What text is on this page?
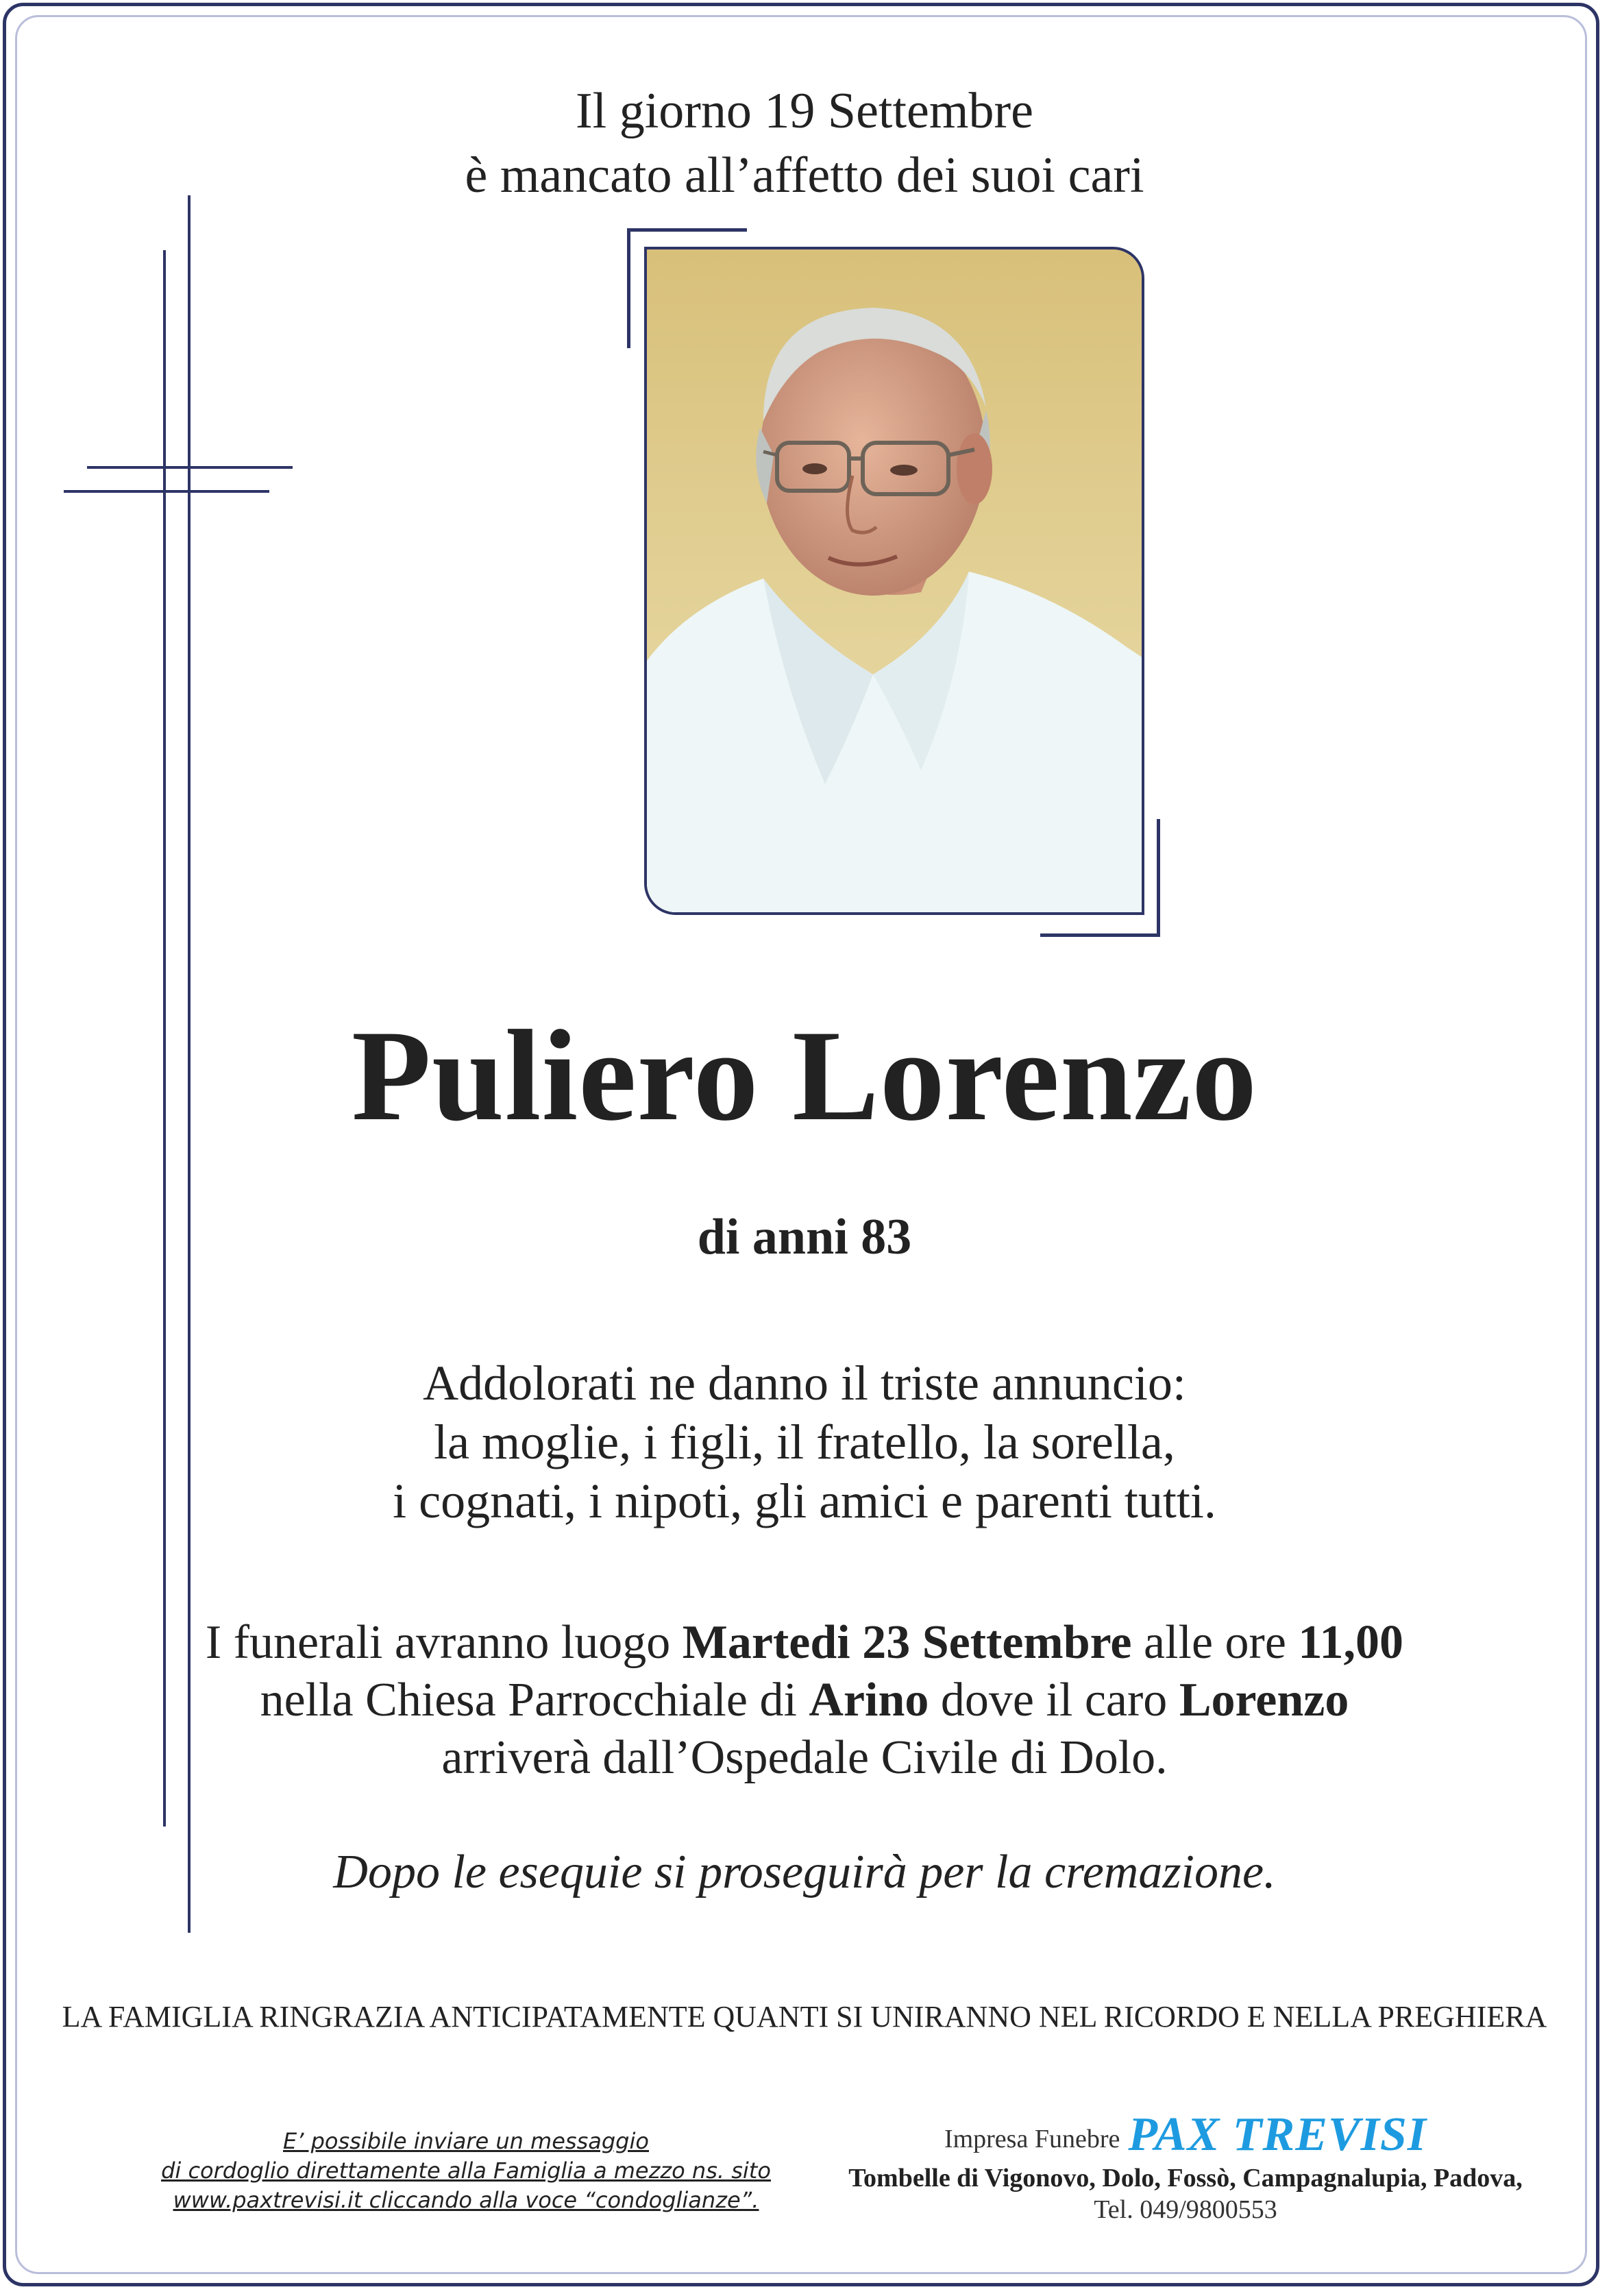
Il giorno 19 Settembre
è mancato all’affetto dei suoi cari
Puliero Lorenzo
di anni 83
Addolorati ne danno il triste annuncio:
la moglie, i figli, il fratello, la sorella,
i cognati, i nipoti, gli amici e parenti tutti.
I funerali avranno luogo Martedi 23 Settembre alle ore 11,00
nella Chiesa Parrocchiale di Arino dove il caro Lorenzo
arriverà dall’Ospedale Civile di Dolo.
Dopo le esequie si proseguirà per la cremazione.
LA FAMIGLIA RINGRAZIA ANTICIPATAMENTE QUANTI SI UNIRANNO NEL RICORDO E NELLA PREGHIERA
E’ possibile inviare un messaggio
di cordoglio direttamente alla Famiglia a mezzo ns. sito
www.paxtrevisi.it cliccando alla voce “condoglianze”.
Impresa Funebre PAX TREVISI
Tombelle di Vigonovo, Dolo, Fossò, Campagnalupia, Padova,
Tel. 049/9800553
